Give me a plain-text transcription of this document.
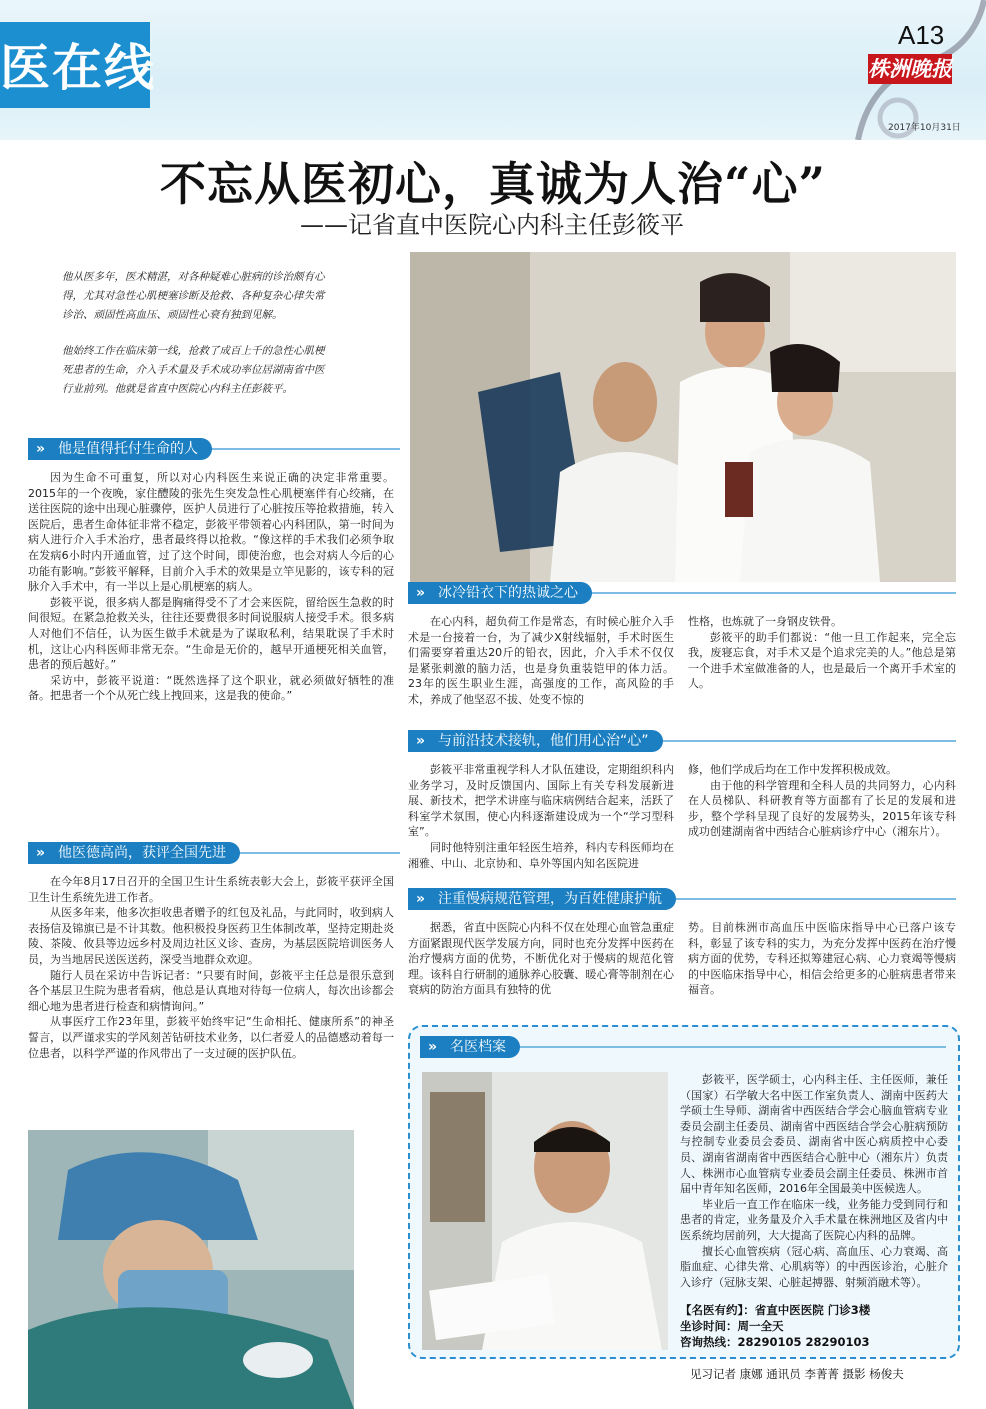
医在线
A13
株洲晚报
2017年10月31日
不忘从医初心，真诚为人治“心”
——记省直中医院心内科主任彭筱平
他从医多年，医术精湛，对各种疑难心脏病的诊治颇有心得，尤其对急性心肌梗塞诊断及抢救、各种复杂心律失常诊治、顽固性高血压、顽固性心衰有独到见解。
他始终工作在临床第一线，抢救了成百上千的急性心肌梗死患者的生命，介入手术量及手术成功率位居湖南省中医行业前列。他就是省直中医院心内科主任彭筱平。
他是值得托付生命的人
»

因为生命不可重复，所以对心内科医生来说正确的决定非常重要。2015年的一个夜晚，家住醴陵的张先生突发急性心肌梗塞伴有心绞痛，在送往医院的途中出现心脏骤停，医护人员进行了心脏按压等抢救措施，转入医院后，患者生命体征非常不稳定，彭筱平带领着心内科团队，第一时间为病人进行介入手术治疗，患者最终得以抢救。“像这样的手术我们必须争取在发病6小时内开通血管，过了这个时间，即使治愈，也会对病人今后的心功能有影响。”彭筱平解释，目前介入手术的效果是立竿见影的，该专科的冠脉介入手术中，有一半以上是心肌梗塞的病人。

彭筱平说，很多病人都是胸痛得受不了才会来医院，留给医生急救的时间很短。在紧急抢救关头，往往还要费很多时间说服病人接受手术。很多病人对他们不信任，认为医生做手术就是为了谋取私利，结果耽误了手术时机，这让心内科医师非常无奈。“生命是无价的，越早开通梗死相关血管，患者的预后越好。”

采访中，彭筱平说道：“既然选择了这个职业，就必须做好牺牲的准备。把患者一个个从死亡线上拽回来，这是我的使命。”

他医德高尚，获评全国先进
»

在今年8月17日召开的全国卫生计生系统表彰大会上，彭筱平获评全国卫生计生系统先进工作者。

从医多年来，他多次拒收患者赠予的红包及礼品，与此同时，收到病人表扬信及锦旗已是不计其数。他积极投身医药卫生体制改革，坚持定期赴炎陵、茶陵、攸县等边远乡村及周边社区义诊、查房，为基层医院培训医务人员，为当地居民送医送药，深受当地群众欢迎。

随行人员在采访中告诉记者：“只要有时间，彭筱平主任总是很乐意到各个基层卫生院为患者看病，他总是认真地对待每一位病人，每次出诊都会细心地为患者进行检查和病情询问。”

从事医疗工作23年里，彭筱平始终牢记“生命相托、健康所系”的神圣誓言，以严谨求实的学风刻苦钻研技术业务，以仁者爱人的品德感动着每一位患者，以科学严谨的作风带出了一支过硬的医护队伍。

冰冷铅衣下的热诚之心
»

在心内科，超负荷工作是常态，有时候心脏介入手术是一台接着一台，为了减少X射线辐射，手术时医生们需要穿着重达20斤的铅衣，因此，介入手术不仅仅是紧张刺激的脑力活，也是身负重装铠甲的体力活。23年的医生职业生涯，高强度的工作，高风险的手术，养成了他坚忍不拔、处变不惊的

性格，也炼就了一身钢皮铁骨。

彭筱平的助手们都说：“他一旦工作起来，完全忘我，废寝忘食，对手术又是个追求完美的人。”他总是第一个进手术室做准备的人，也是最后一个离开手术室的人。

与前沿技术接轨，他们用心治“心”
»

彭筱平非常重视学科人才队伍建设，定期组织科内业务学习，及时反馈国内、国际上有关专科发展新进展、新技术，把学术讲座与临床病例结合起来，活跃了科室学术氛围，使心内科逐渐建设成为一个“学习型科室”。

同时他特别注重年轻医生培养，科内专科医师均在湘雅、中山、北京协和、阜外等国内知名医院进

修，他们学成后均在工作中发挥积极成效。

由于他的科学管理和全科人员的共同努力，心内科在人员梯队、科研教育等方面都有了长足的发展和进步，整个学科呈现了良好的发展势头，2015年该专科成功创建湖南省中西结合心脏病诊疗中心（湘东片）。

注重慢病规范管理，为百姓健康护航
»

据悉，省直中医院心内科不仅在处理心血管急重症方面紧跟现代医学发展方向，同时也充分发挥中医药在治疗慢病方面的优势，不断优化对于慢病的规范化管理。该科自行研制的通脉养心胶囊、暖心膏等制剂在心衰病的防治方面具有独特的优

势。目前株洲市高血压中医临床指导中心已落户该专科，彰显了该专科的实力，为充分发挥中医药在治疗慢病方面的优势，专科还拟筹建冠心病、心力衰竭等慢病的中医临床指导中心，相信会给更多的心脏病患者带来福音。

名医档案
»

彭筱平，医学硕士，心内科主任、主任医师，兼任（国家）石学敏大名中医工作室负责人、湖南中医药大学硕士生导师、湖南省中西医结合学会心脑血管病专业委员会副主任委员、湖南省中西医结合学会心脏病预防与控制专业委员会委员、湖南省中医心病质控中心委员、湖南省湖南省中西医结合心脏中心（湘东片）负责人、株洲市心血管病专业委员会副主任委员、株洲市首届中青年知名医师，2016年全国最美中医候选人。

毕业后一直工作在临床一线，业务能力受到同行和患者的肯定，业务量及介入手术量在株洲地区及省内中医系统均居前列，大大提高了医院心内科的品牌。

擅长心血管疾病（冠心病、高血压、心力衰竭、高脂血症、心律失常、心肌病等）的中西医诊治，心脏介入诊疗（冠脉支架、心脏起搏器、射频消融术等）。

【名医有约】：省直中医医院 门诊3楼
坐诊时间：周一全天
咨询热线：28290105 28290103
见习记者 康娜 通讯员 李菁菁 摄影 杨俊夫
